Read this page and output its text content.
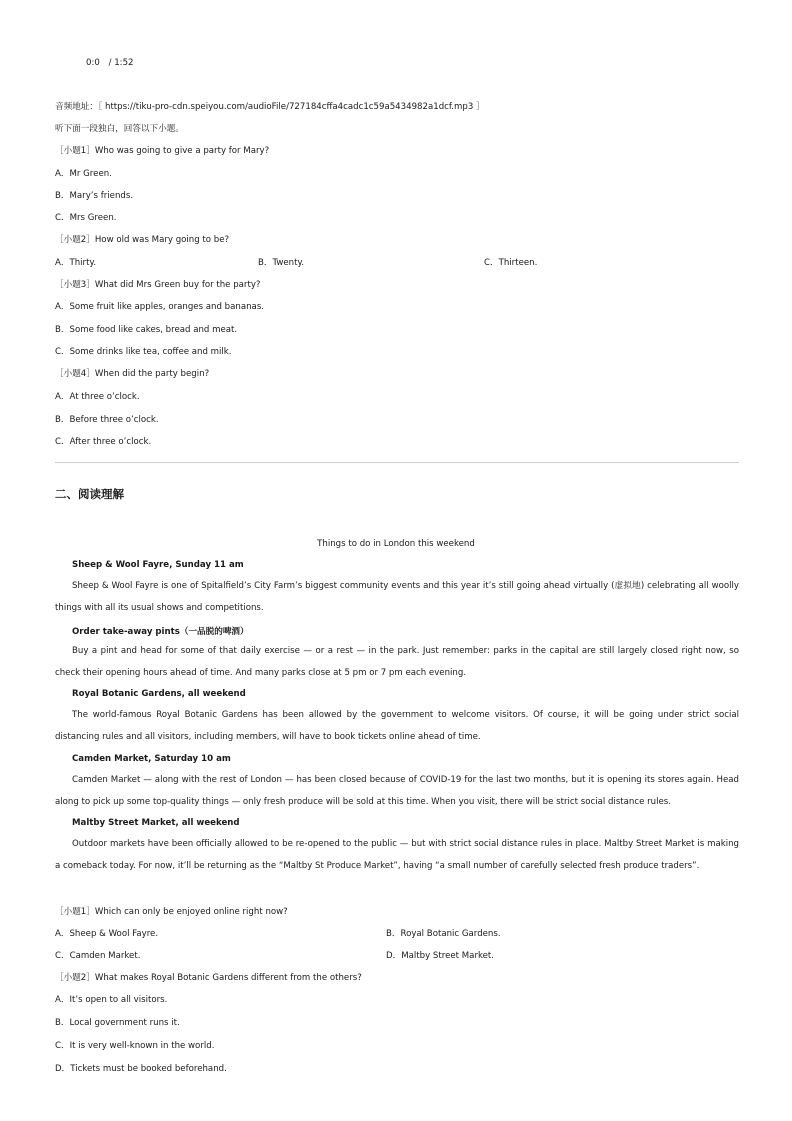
0:0 / 1:52
音频地址：［ https://tiku-pro-cdn.speiyou.com/audioFile/727184cffa4cadc1c59a5434982a1dcf.mp3 ］
听下面一段独白，回答以下小题。
［小题1］Who was going to give a party for Mary?
A．Mr Green.
B．Mary’s friends.
C．Mrs Green.
［小题2］How old was Mary going to be?
A．Thirty.	B．Twenty.	C．Thirteen.
［小题3］What did Mrs Green buy for the party?
A．Some fruit like apples, oranges and bananas.
B．Some food like cakes, bread and meat.
C．Some drinks like tea, coffee and milk.
［小题4］When did the party begin?
A．At three o’clock.
B．Before three o’clock.
C．After three o’clock.
二、阅读理解
Things to do in London this weekend
Sheep & Wool Fayre, Sunday 11 am
Sheep & Wool Fayre is one of Spitalfield’s City Farm’s biggest community events and this year it’s still going ahead virtually (虚拟地) celebrating all woolly things with all its usual shows and competitions.
Order take-away pints（一品脱的啤酒）
Buy a pint and head for some of that daily exercise — or a rest — in the park. Just remember: parks in the capital are still largely closed right now, so check their opening hours ahead of time. And many parks close at 5 pm or 7 pm each evening.
Royal Botanic Gardens, all weekend
The world-famous Royal Botanic Gardens has been allowed by the government to welcome visitors. Of course, it will be going under strict social distancing rules and all visitors, including members, will have to book tickets online ahead of time.
Camden Market, Saturday 10 am
Camden Market — along with the rest of London — has been closed because of COVID-19 for the last two months, but it is opening its stores again. Head along to pick up some top-quality things — only fresh produce will be sold at this time. When you visit, there will be strict social distance rules.
Maltby Street Market, all weekend
Outdoor markets have been officially allowed to be re-opened to the public — but with strict social distance rules in place. Maltby Street Market is making a comeback today. For now, it’ll be returning as the “Maltby St Produce Market”, having “a small number of carefully selected fresh produce traders”.
［小题1］Which can only be enjoyed online right now?
A．Sheep & Wool Fayre.	B．Royal Botanic Gardens.
C．Camden Market.	D．Maltby Street Market.
［小题2］What makes Royal Botanic Gardens different from the others?
A．It’s open to all visitors.
B．Local government runs it.
C．It is very well-known in the world.
D．Tickets must be booked beforehand.
